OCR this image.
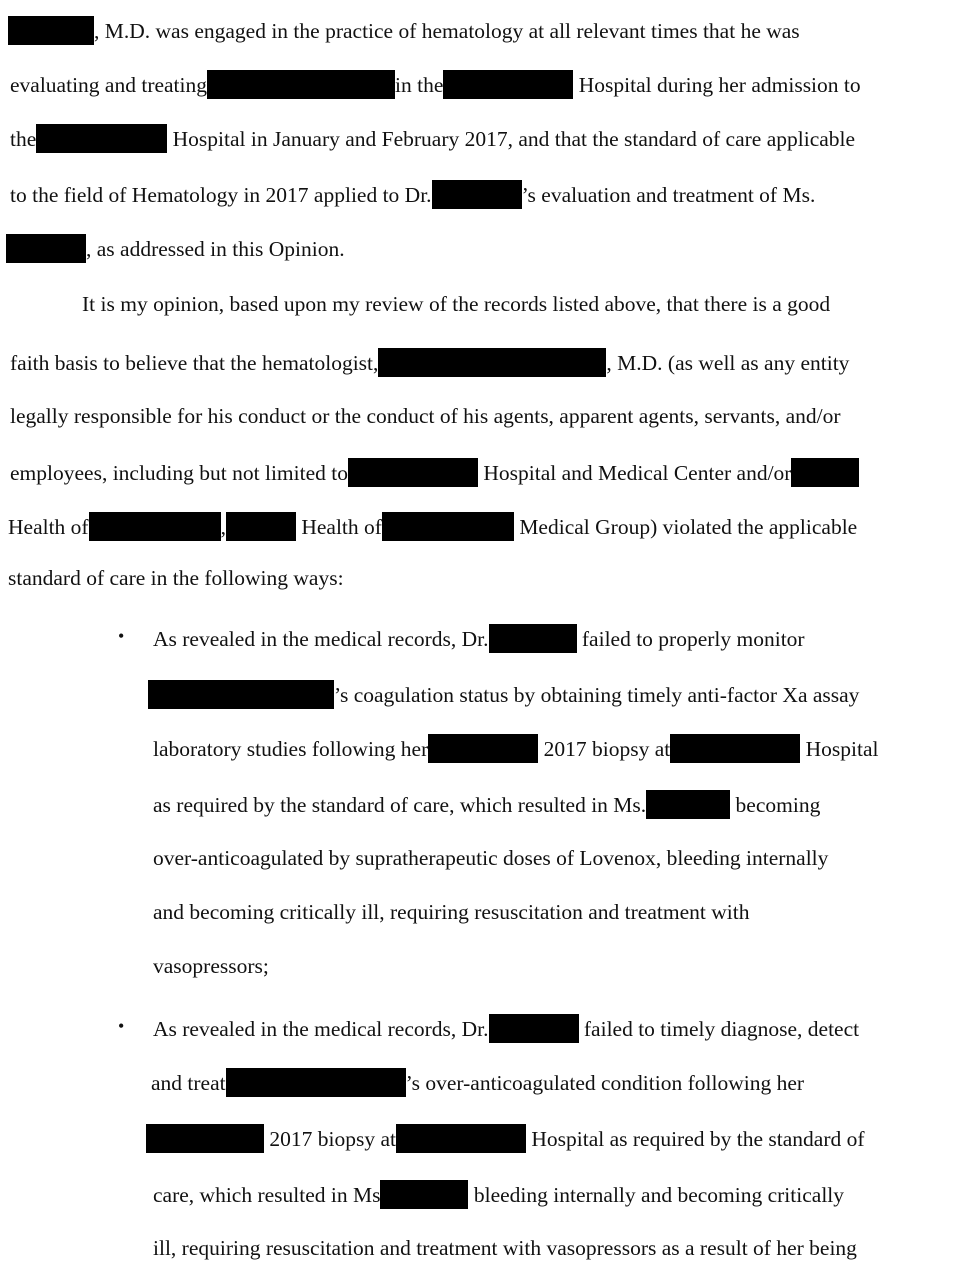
, M.D. was engaged in the practice of hematology at all relevant times that he was
evaluating and treating	in the	Hospital during her admission to
the	Hospital in January and February 2017, and that the standard of care applicable
to the field of Hematology in 2017 applied to Dr.	’s evaluation and treatment of Ms.
, as addressed in this Opinion.
It is my opinion, based upon my review of the records listed above, that there is a good
faith basis to believe that the hematologist,	, M.D. (as well as any entity
legally responsible for his conduct or the conduct of his agents, apparent agents, servants, and/or
employees, including but not limited to	Hospital and Medical Center and/or
Health of	,	Health of	Medical Group) violated the applicable
standard of care in the following ways:
• As revealed in the medical records, Dr.	failed to properly monitor
’s coagulation status by obtaining timely anti-factor Xa assay
laboratory studies following her	2017 biopsy at	Hospital
as required by the standard of care, which resulted in Ms.	becoming
over-anticoagulated by supratherapeutic doses of Lovenox, bleeding internally
and becoming critically ill, requiring resuscitation and treatment with
vasopressors;
• As revealed in the medical records, Dr.	failed to timely diagnose, detect
and treat	’s over-anticoagulated condition following her
2017 biopsy at	Hospital as required by the standard of
care, which resulted in Ms	bleeding internally and becoming critically
ill, requiring resuscitation and treatment with vasopressors as a result of her being
